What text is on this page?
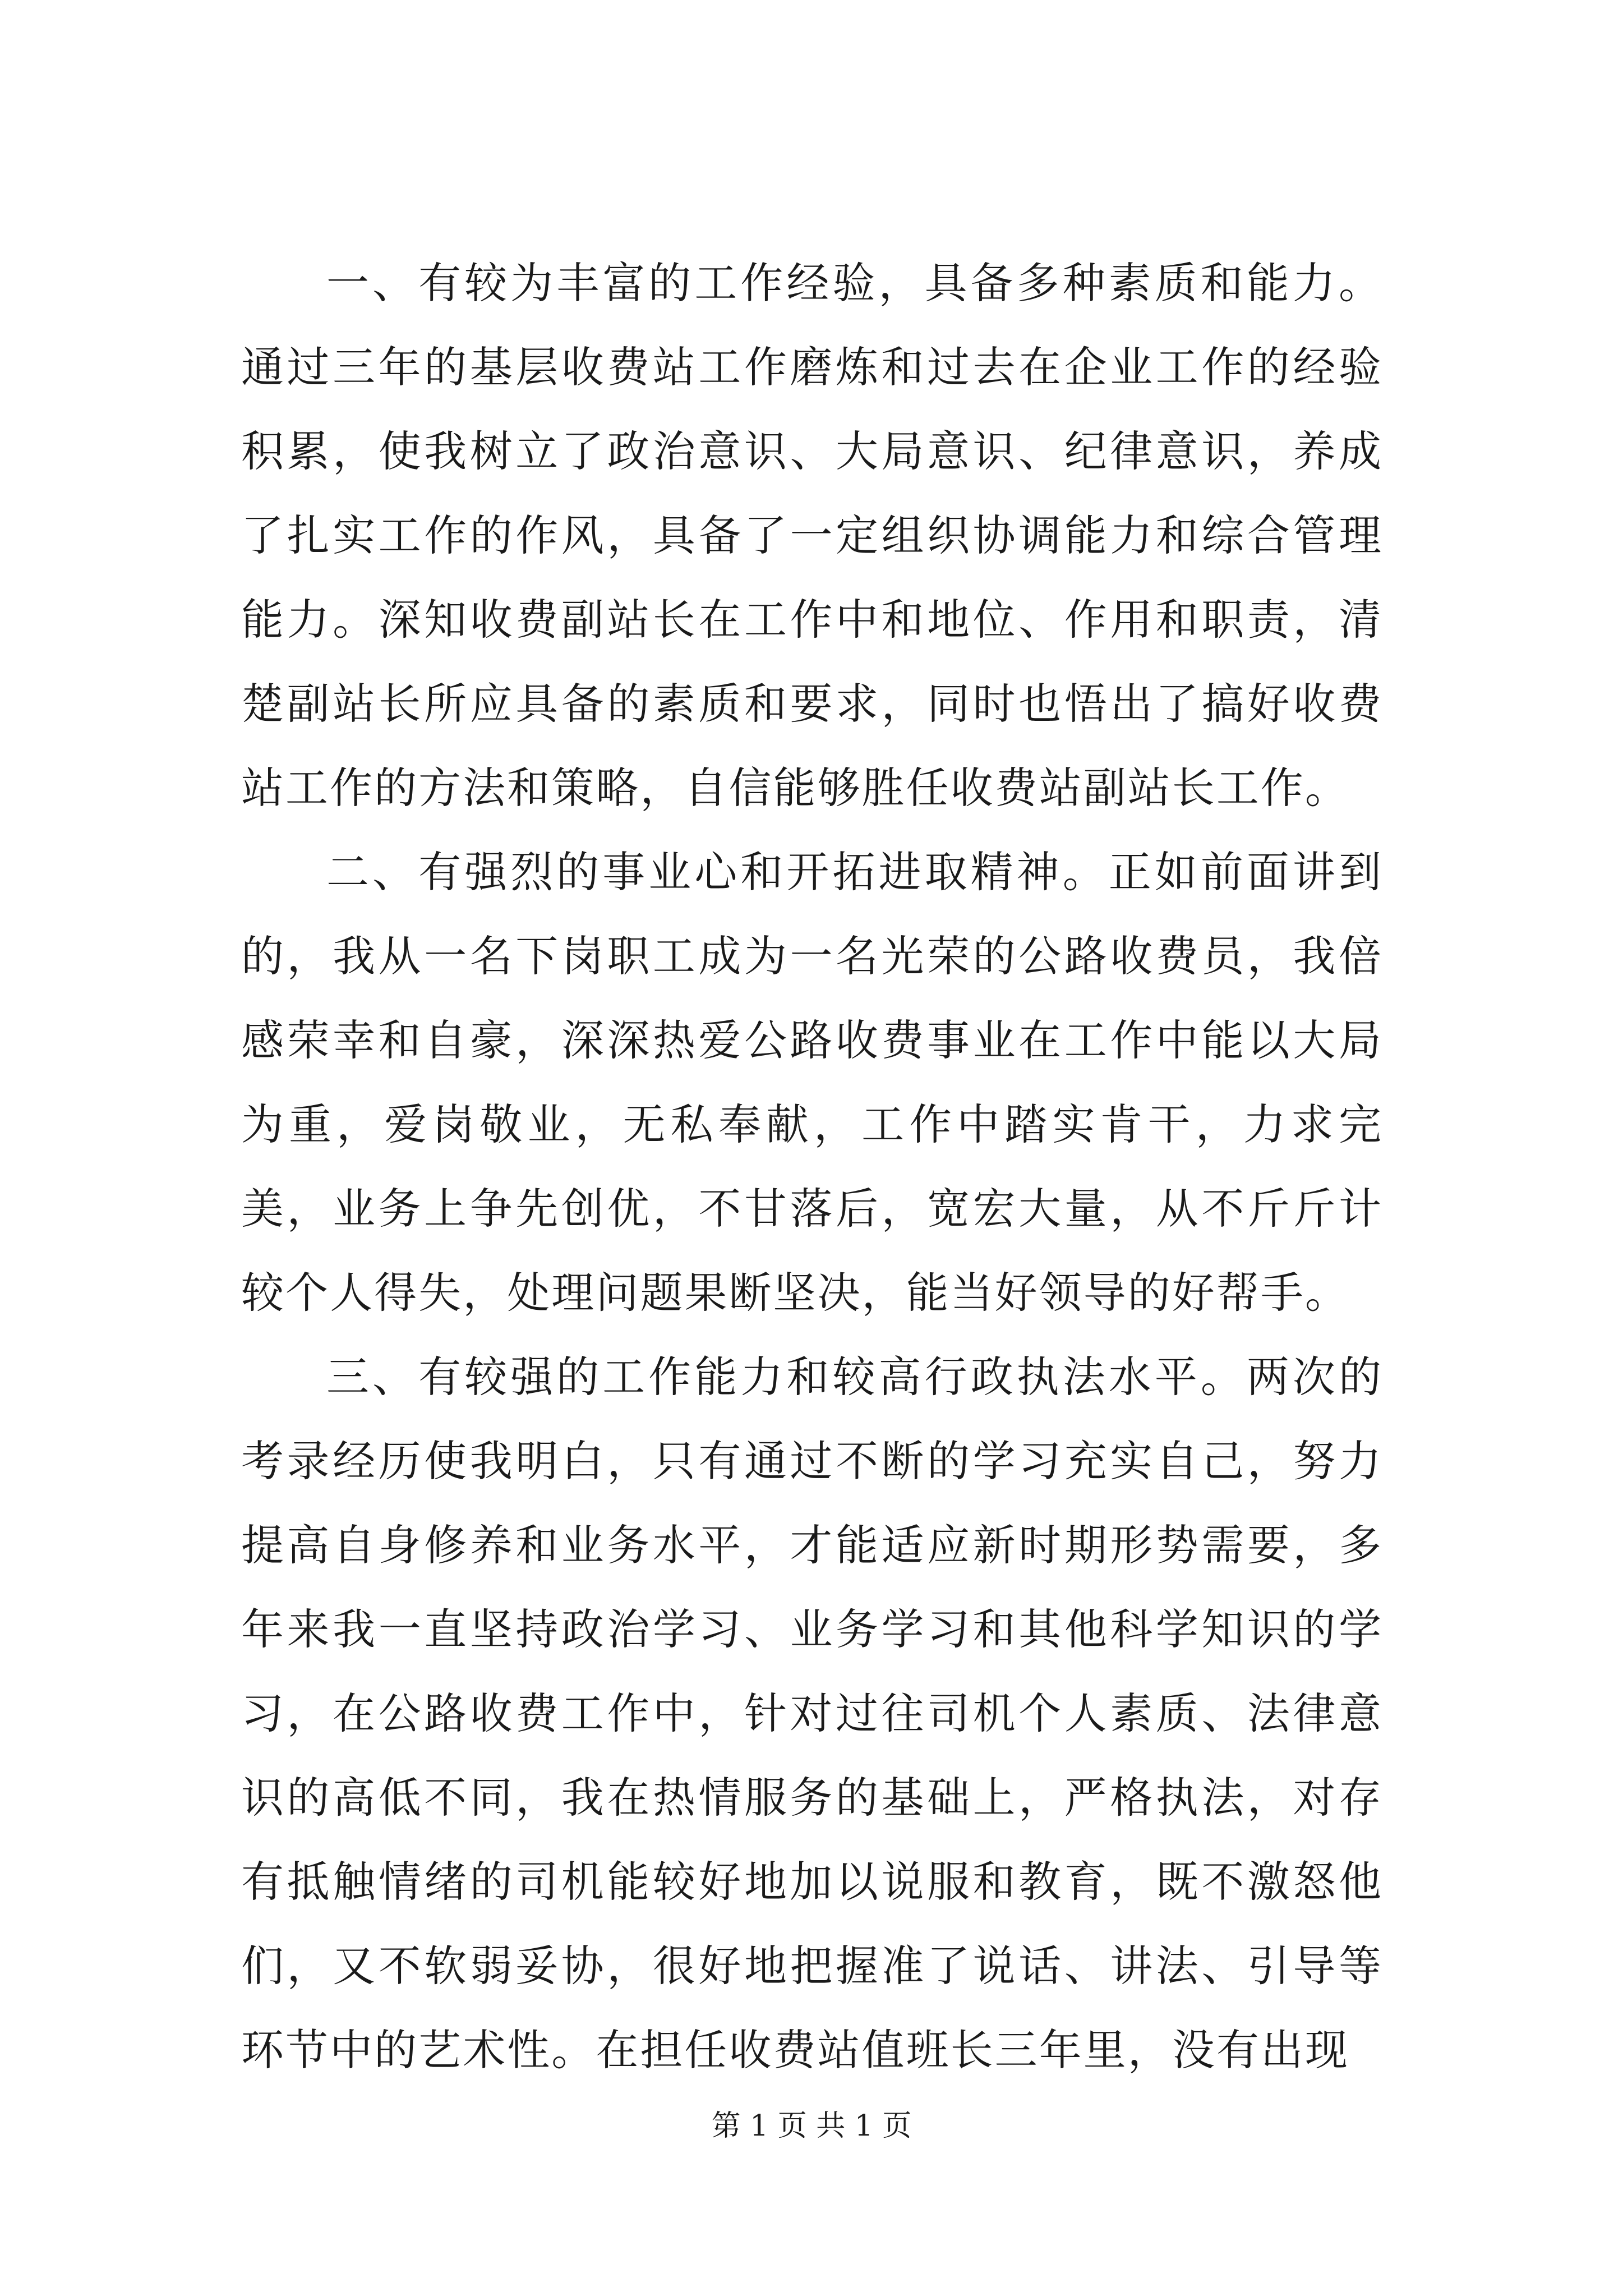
一、有较为丰富的工作经验，具备多种素质和能力。通过三年的基层收费站工作磨炼和过去在企业工作的经验积累，使我树立了政治意识、大局意识、纪律意识，养成了扎实工作的作风，具备了一定组织协调能力和综合管理能力。深知收费副站长在工作中和地位、作用和职责，清楚副站长所应具备的素质和要求，同时也悟出了搞好收费站工作的方法和策略，自信能够胜任收费站副站长工作。

二、有强烈的事业心和开拓进取精神。正如前面讲到的，我从一名下岗职工成为一名光荣的公路收费员，我倍感荣幸和自豪，深深热爱公路收费事业在工作中能以大局为重，爱岗敬业，无私奉献，工作中踏实肯干，力求完美，业务上争先创优，不甘落后，宽宏大量，从不斤斤计较个人得失，处理问题果断坚决，能当好领导的好帮手。

三、有较强的工作能力和较高行政执法水平。两次的考录经历使我明白，只有通过不断的学习充实自己，努力提高自身修养和业务水平，才能适应新时期形势需要，多年来我一直坚持政治学习、业务学习和其他科学知识的学习，在公路收费工作中，针对过往司机个人素质、法律意识的高低不同，我在热情服务的基础上，严格执法，对存有抵触情绪的司机能较好地加以说服和教育，既不激怒他们，又不软弱妥协，很好地把握准了说话、讲法、引导等环节中的艺术性。在担任收费站值班长三年里，没有出现

第 1 页 共 1 页
